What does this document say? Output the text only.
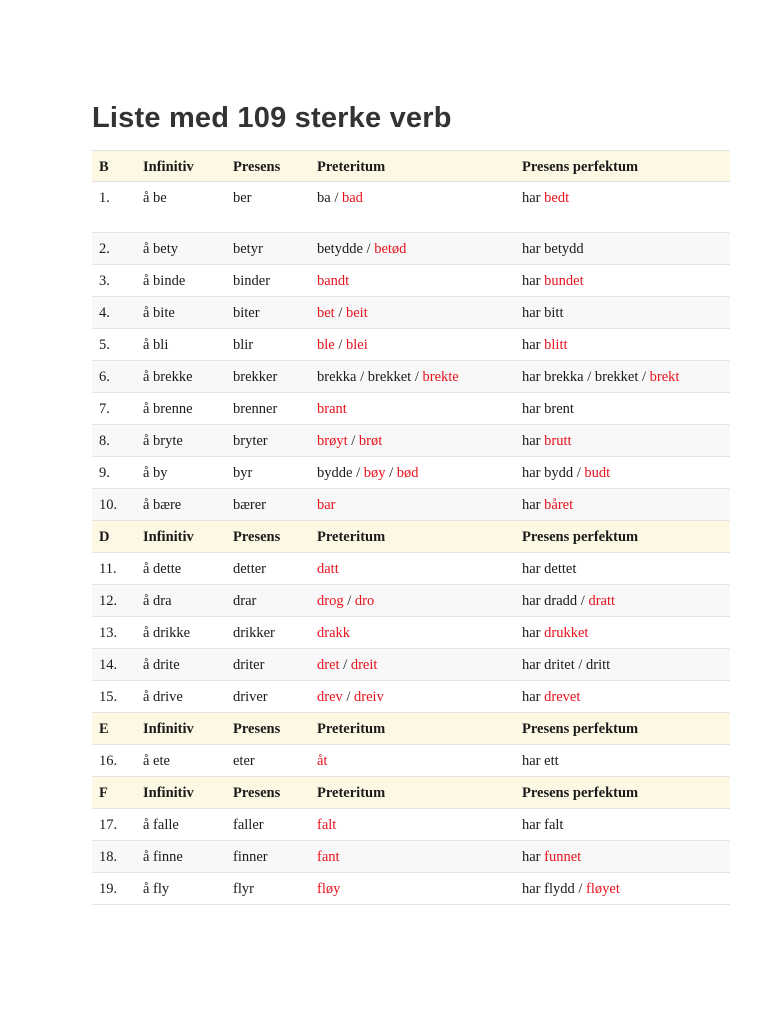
Liste med 109 sterke verb
B Infinitiv	Presens	Preteritum	Presens perfektum
1. å be	ber	ba / bad	har bedt
2. å bety	betyr	betydde / betød	har betydd
3. å binde	binder	bandt	har bundet
4. å bite	biter	bet / beit	har bitt
5. å bli	blir	ble / blei	har blitt
6. å brekke	brekker	brekka / brekket / brekte	har brekka / brekket / brekt
7. å brenne	brenner	brant	har brent
8. å bryte	bryter	brøyt / brøt	har brutt
9. å by	byr	bydde / bøy / bød	har bydd / budt
10. å bære	bærer	bar	har båret
D Infinitiv	Presens	Preteritum	Presens perfektum
11. å dette	detter	datt	har dettet
12. å dra	drar	drog / dro	har dradd / dratt
13. å drikke	drikker	drakk	har drukket
14. å drite	driter	dret / dreit	har dritet / dritt
15. å drive	driver	drev / dreiv	har drevet
E Infinitiv	Presens	Preteritum	Presens perfektum
16. å ete	eter	åt	har ett
F Infinitiv	Presens	Preteritum	Presens perfektum
17. å falle	faller	falt	har falt
18. å finne	finner	fant	har funnet
19. å fly	flyr	fløy	har flydd / fløyet
